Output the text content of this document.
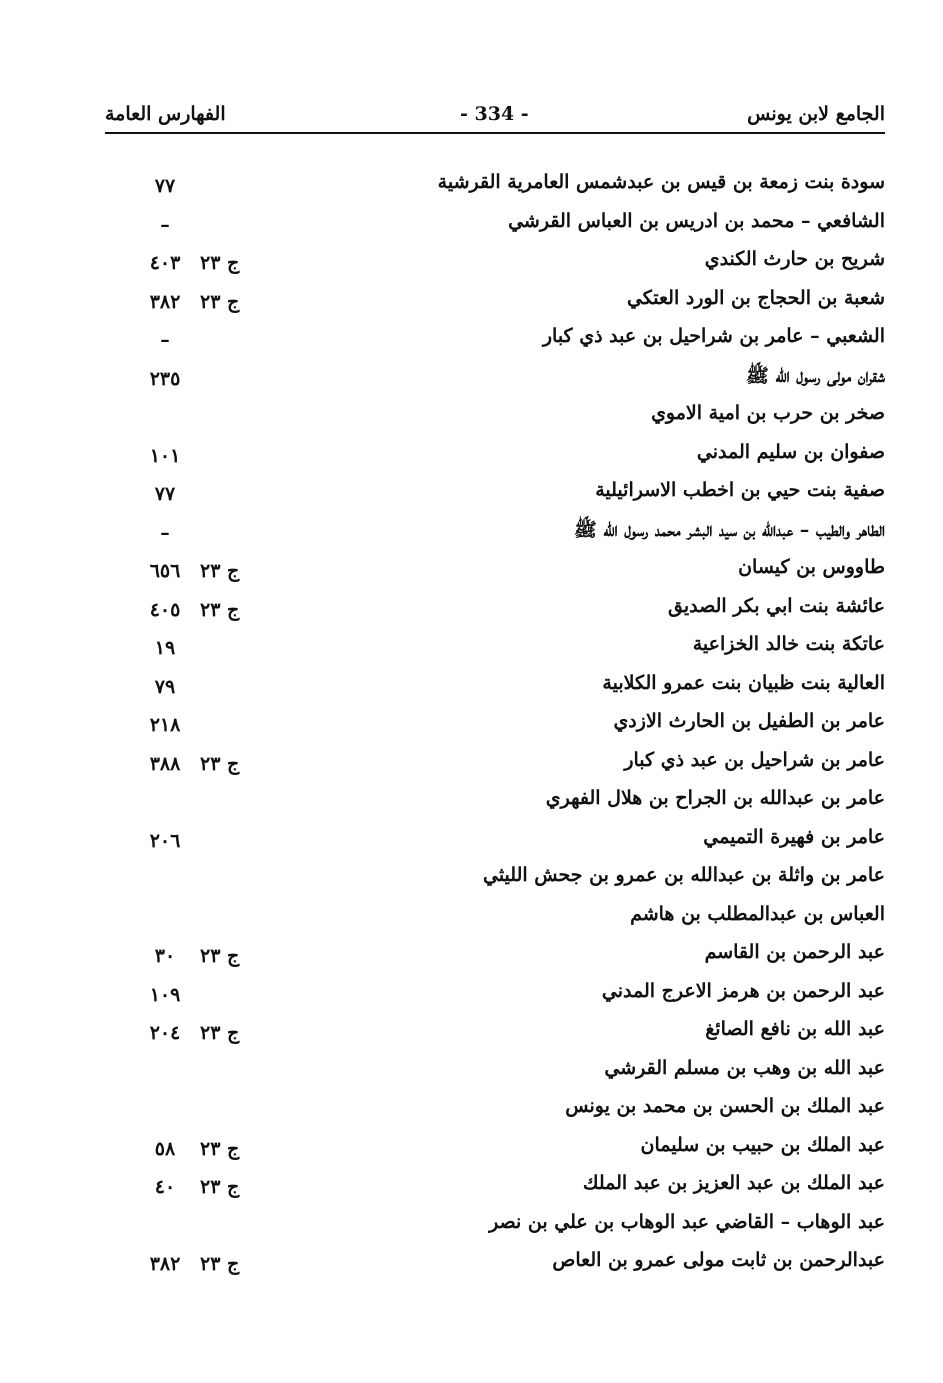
الجامع لابن يونس
- 334 -
الفهارس العامة
سودة بنت زمعة بن قيس بن عبدشمس العامرية القرشية
٧٧
الشافعي – محمد بن ادريس بن العباس القرشي
–
شريح بن حارث الكندي
ج ٢٣
٤٠٣
شعبة بن الحجاج بن الورد العتكي
ج ٢٣
٣٨٢
الشعبي – عامر بن شراحيل بن عبد ذي كبار
–
شقران مولى رسول الله ﷺ
٢٣٥
صخر بن حرب بن امية الاموي
صفوان بن سليم المدني
١٠١
صفية بنت حيي بن اخطب الاسرائيلية
٧٧
الطاهر والطيب – عبدالله بن سيد البشر محمد رسول الله ﷺ
–
طاووس بن كيسان
ج ٢٣
٦٥٦
عائشة بنت ابي بكر الصديق
ج ٢٣
٤٠٥
عاتكة بنت خالد الخزاعية
١٩
العالية بنت ظبيان بنت عمرو الكلابية
٧٩
عامر بن الطفيل بن الحارث الازدي
٢١٨
عامر بن شراحيل بن عبد ذي كبار
ج ٢٣
٣٨٨
عامر بن عبدالله بن الجراح بن هلال الفهري
عامر بن فهيرة التميمي
٢٠٦
عامر بن واثلة بن عبدالله بن عمرو بن جحش الليثي
العباس بن عبدالمطلب بن هاشم
عبد الرحمن بن القاسم
ج ٢٣
٣٠
عبد الرحمن بن هرمز الاعرج المدني
١٠٩
عبد الله بن نافع الصائغ
ج ٢٣
٢٠٤
عبد الله بن وهب بن مسلم القرشي
عبد الملك بن الحسن بن محمد بن يونس
عبد الملك بن حبيب بن سليمان
ج ٢٣
٥٨
عبد الملك بن عبد العزيز بن عبد الملك
ج ٢٣
٤٠
عبد الوهاب – القاضي عبد الوهاب بن علي بن نصر
عبدالرحمن بن ثابت مولى عمرو بن العاص
ج ٢٣
٣٨٢
